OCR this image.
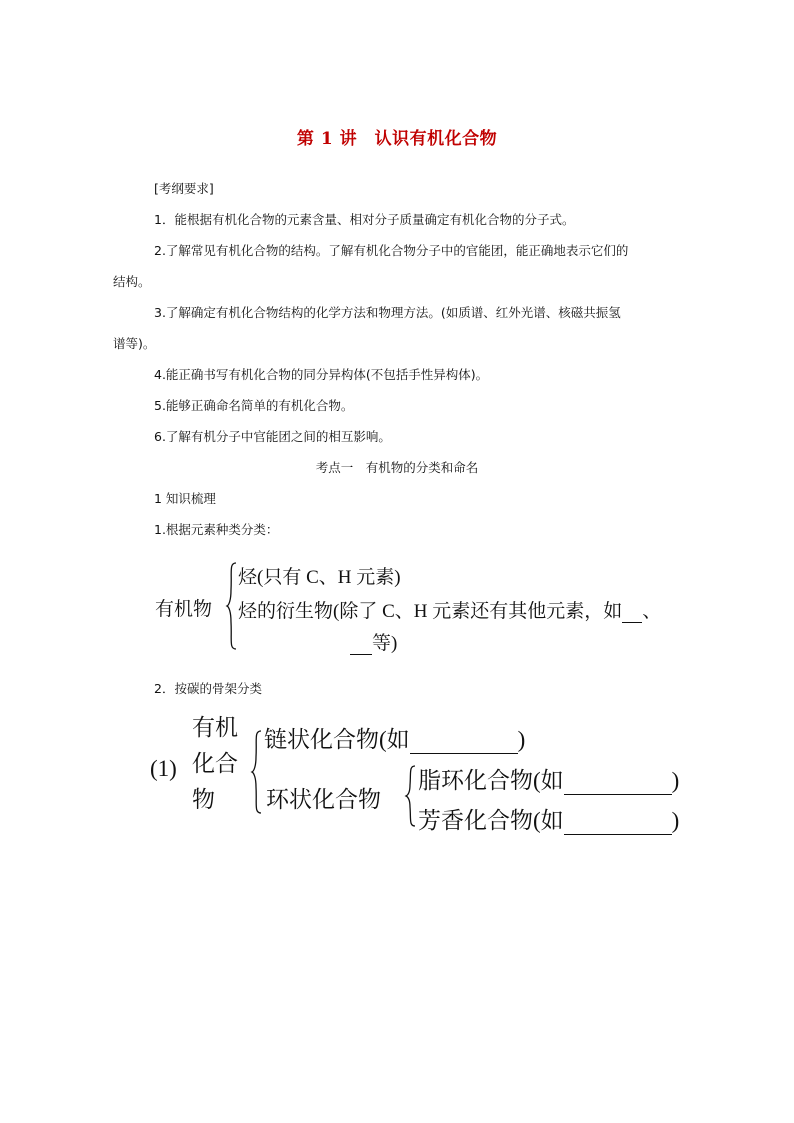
第 1 讲　认识有机化合物
[考纲要求]
1．能根据有机化合物的元素含量、相对分子质量确定有机化合物的分子式。
2.了解常见有机化合物的结构。了解有机化合物分子中的官能团，能正确地表示它们的
结构。
3.了解确定有机化合物结构的化学方法和物理方法。(如质谱、红外光谱、核磁共振氢
谱等)。
4.能正确书写有机化合物的同分异构体(不包括手性异构体)。
5.能够正确命名简单的有机化合物。
6.了解有机分子中官能团之间的相互影响。
考点一　有机物的分类和命名
1 知识梳理
1.根据元素种类分类：
有机物
烃(只有 C、H 元素)
烃的衍生物(除了 C、H 元素还有其他元素，如 、
等)
2．按碳的骨架分类
(1)
有机
化合
物
链状化合物(如	)
环状化合物
脂环化合物(如	)
芳香化合物(如	)
